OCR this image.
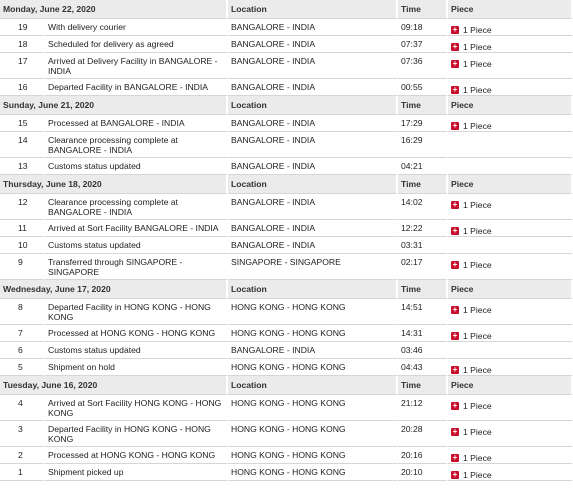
Monday, June 22, 2020		Location	Time	Piece
19	With delivery courier	BANGALORE - INDIA	09:18	+ 1 Piece

18	Scheduled for delivery as agreed	BANGALORE - INDIA	07:37	+ 1 Piece

17	Arrived at Delivery Facility in BANGALORE - INDIA	BANGALORE - INDIA	07:36	+ 1 Piece

16	Departed Facility in BANGALORE - INDIA	BANGALORE - INDIA	00:55	+ 1 Piece

Sunday, June 21, 2020		Location	Time	Piece
15	Processed at BANGALORE - INDIA	BANGALORE - INDIA	17:29	+ 1 Piece

14	Clearance processing complete at BANGALORE - INDIA	BANGALORE - INDIA	16:29	
13	Customs status updated	BANGALORE - INDIA	04:21	
Thursday, June 18, 2020		Location	Time	Piece
12	Clearance processing complete at BANGALORE - INDIA	BANGALORE - INDIA	14:02	+ 1 Piece

11	Arrived at Sort Facility BANGALORE - INDIA	BANGALORE - INDIA	12:22	+ 1 Piece

10	Customs status updated	BANGALORE - INDIA	03:31	
9	Transferred through SINGAPORE - SINGAPORE	SINGAPORE - SINGAPORE	02:17	+ 1 Piece

Wednesday, June 17, 2020		Location	Time	Piece
8	Departed Facility in HONG KONG - HONG KONG	HONG KONG - HONG KONG	14:51	+ 1 Piece

7	Processed at HONG KONG - HONG KONG	HONG KONG - HONG KONG	14:31	+ 1 Piece

6	Customs status updated	BANGALORE - INDIA	03:46	
5	Shipment on hold	HONG KONG - HONG KONG	04:43	+ 1 Piece

Tuesday, June 16, 2020		Location	Time	Piece
4	Arrived at Sort Facility HONG KONG - HONG KONG	HONG KONG - HONG KONG	21:12	+ 1 Piece

3	Departed Facility in HONG KONG - HONG KONG	HONG KONG - HONG KONG	20:28	+ 1 Piece

2	Processed at HONG KONG - HONG KONG	HONG KONG - HONG KONG	20:16	+ 1 Piece

1	Shipment picked up	HONG KONG - HONG KONG	20:10	+ 1 Piece
